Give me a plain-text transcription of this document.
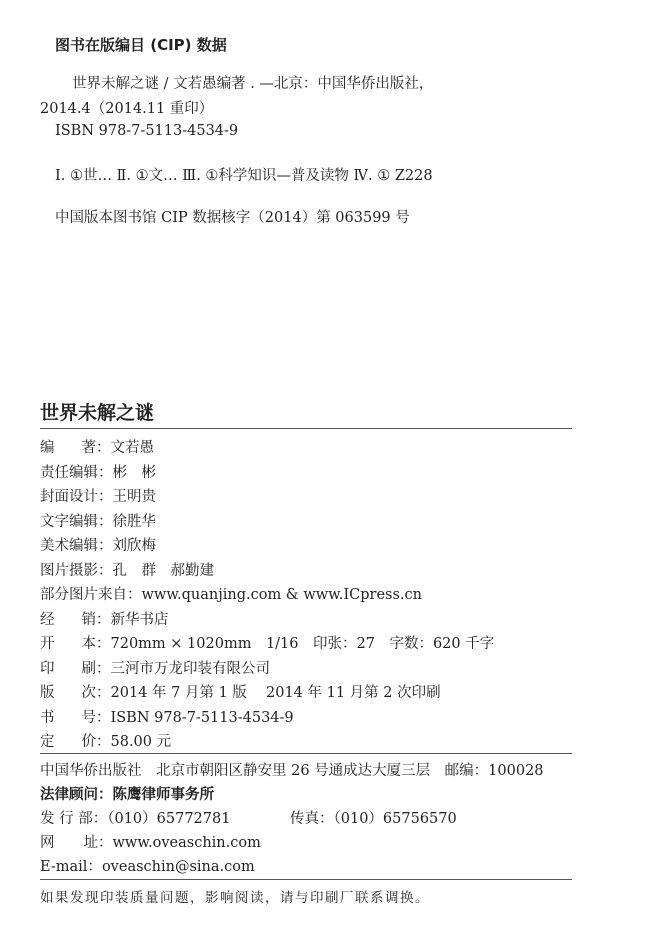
图书在版编目 (CIP) 数据
世界未解之谜 / 文若愚编著 . —北京：中国华侨出版社，
2014.4（2014.11 重印）
ISBN 978-7-5113-4534-9
Ⅰ. ①世… Ⅱ. ①文… Ⅲ. ①科学知识—普及读物 Ⅳ. ① Z228
中国版本图书馆 CIP 数据核字（2014）第 063599 号
世界未解之谜
编著：文若愚
责任编辑：彬　彬
封面设计：王明贵
文字编辑：徐胜华
美术编辑：刘欣梅
图片摄影：孔　群　郝勤建
部分图片来自：www.quanjing.com & www.ICpress.cn
经销：新华书店
开本：720mm × 1020mm　1/16　印张：27　字数：620 千字
印刷：三河市万龙印装有限公司
版次：2014 年 7 月第 1 版　 2014 年 11 月第 2 次印刷
书号：ISBN 978-7-5113-4534-9
定价：58.00 元
中国华侨出版社　北京市朝阳区静安里 26 号通成达大厦三层　邮编：100028
法律顾问：陈鹰律师事务所
发 行 部：（010）65772781	传真：（010）65756570
网　　址：www.oveaschin.com
E-mail：oveaschin@sina.com
如果发现印装质量问题，影响阅读，请与印刷厂联系调换。
